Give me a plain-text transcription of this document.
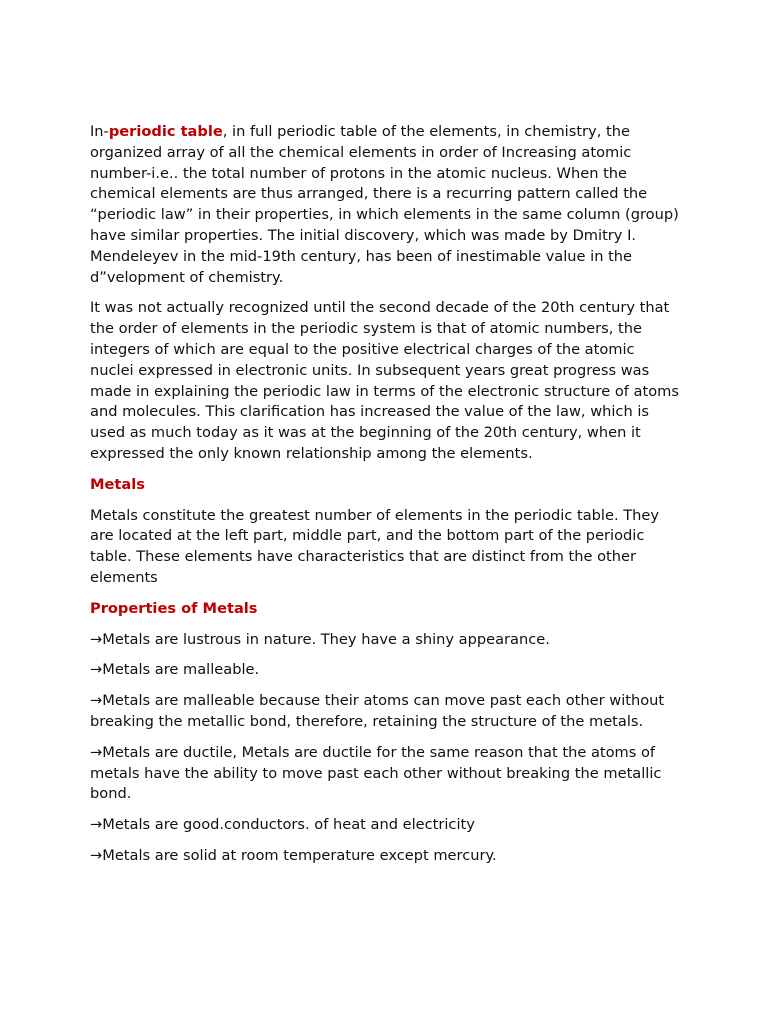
In-periodic table, in full periodic table of the elements, in chemistry, the organized array of all the chemical elements in order of Increasing atomic number-i.e.. the total number of protons in the atomic nucleus. When the chemical elements are thus arranged, there is a recurring pattern called the “periodic law” in their properties, in which elements in the same column (group) have similar properties. The initial discovery, which was made by Dmitry I. Mendeleyev in the mid-19th century, has been of inestimable value in the d”velopment of chemistry.

It was not actually recognized until the second decade of the 20th century that the order of elements in the periodic system is that of atomic numbers, the integers of which are equal to the positive electrical charges of the atomic nuclei expressed in electronic units. In subsequent years great progress was made in explaining the periodic law in terms of the electronic structure of atoms and molecules. This clarification has increased the value of the law, which is used as much today as it was at the beginning of the 20th century, when it expressed the only known relationship among the elements.

Metals

Metals constitute the greatest number of elements in the periodic table. They are located at the left part, middle part, and the bottom part of the periodic table. These elements have characteristics that are distinct from the other elements

Properties of Metals

→Metals are lustrous in nature. They have a shiny appearance.

→Metals are malleable.

→Metals are malleable because their atoms can move past each other without breaking the metallic bond, therefore, retaining the structure of the metals.

→Metals are ductile, Metals are ductile for the same reason that the atoms of metals have the ability to move past each other without breaking the metallic bond.

→Metals are good.conductors. of heat and electricity

→Metals are solid at room temperature except mercury.
